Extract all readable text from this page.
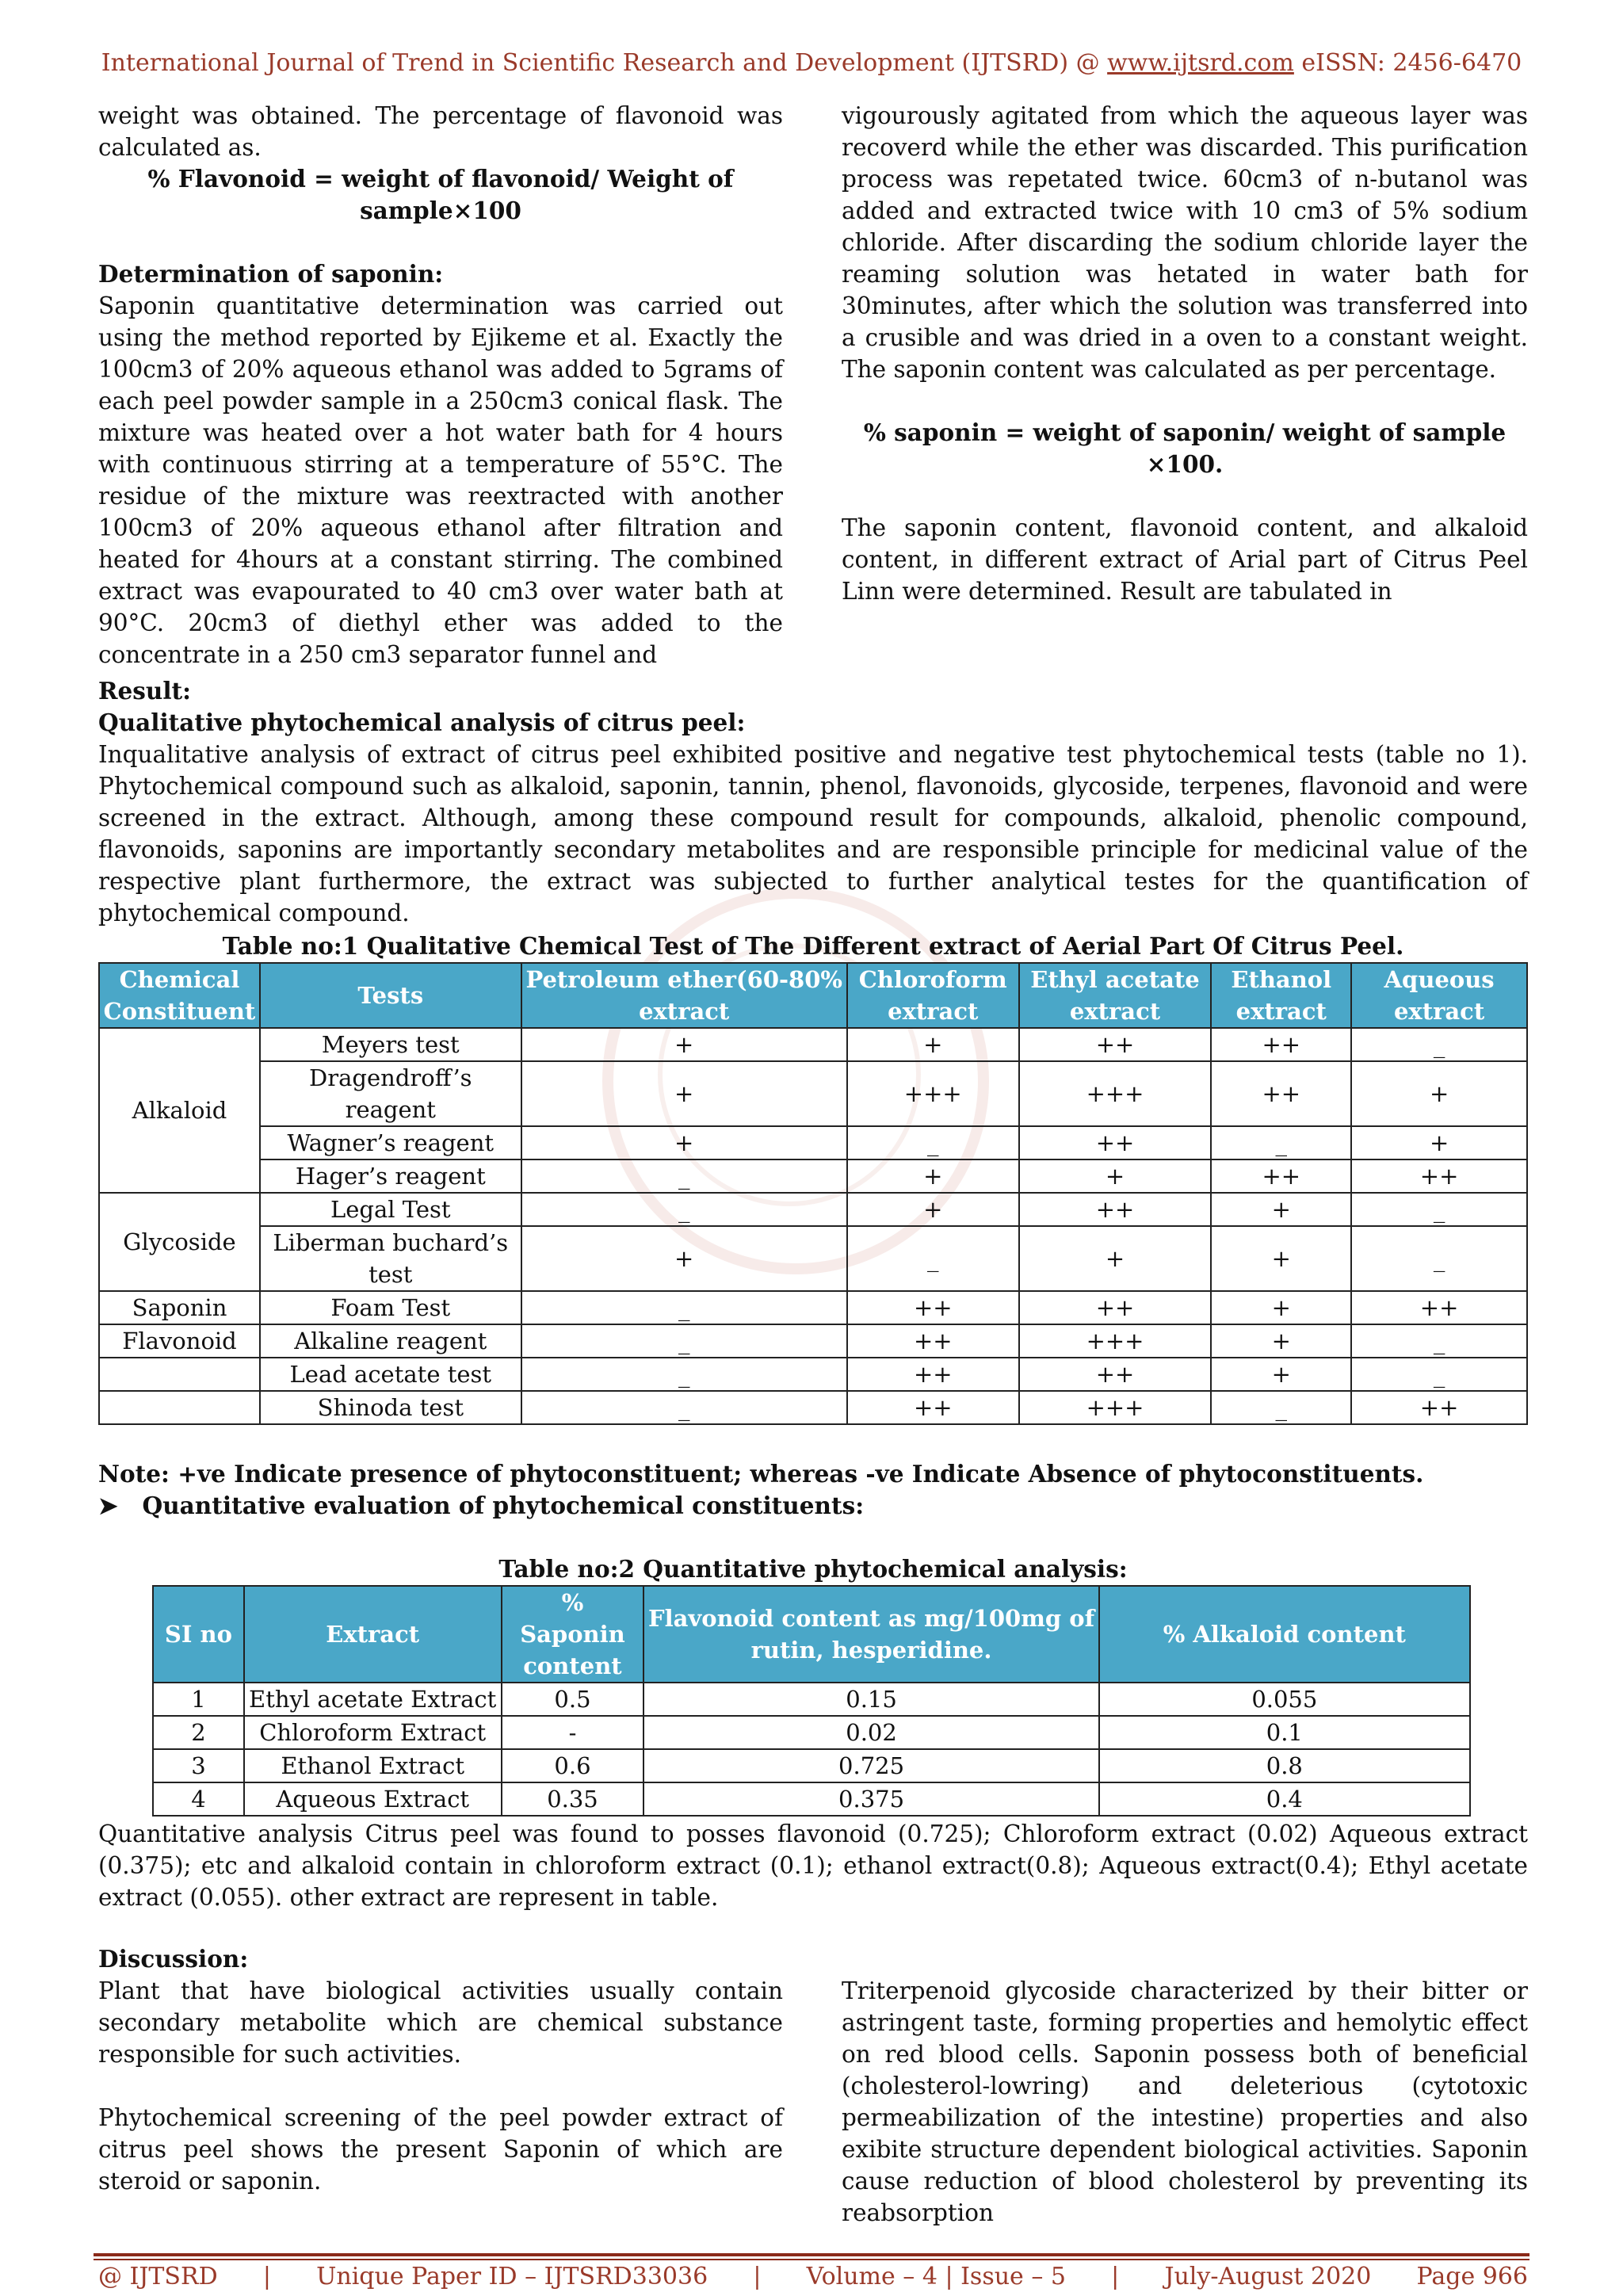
International Journal of Trend in Scientific Research and Development (IJTSRD) @ www.ijtsrd.com eISSN: 2456-6470

weight was obtained. The percentage of flavonoid was calculated as.

% Flavonoid = weight of flavonoid/ Weight of

sample×100

Determination of saponin:

Saponin quantitative determination was carried out using the method reported by Ejikeme et al. Exactly the 100cm3 of 20% aqueous ethanol was added to 5grams of each peel powder sample in a 250cm3 conical flask. The mixture was heated over a hot water bath for 4 hours with continuous stirring at a temperature of 55°C. The residue of the mixture was reextracted with another 100cm3 of 20% aqueous ethanol after filtration and heated for 4hours at a constant stirring. The combined extract was evapourated to 40 cm3 over water bath at 90°C. 20cm3 of diethyl ether was added to the concentrate in a 250 cm3 separator funnel and

vigourously agitated from which the aqueous layer was recoverd while the ether was discarded. This purification process was repetated twice. 60cm3 of n-butanol was added and extracted twice with 10 cm3 of 5% sodium chloride. After discarding the sodium chloride layer the reaming solution was hetated in water bath for 30minutes, after which the solution was transferred into a crusible and was dried in a oven to a constant weight. The saponin content was calculated as per percentage.

% saponin = weight of saponin/ weight of sample

×100.

The saponin content, flavonoid content, and alkaloid content, in different extract of Arial part of Citrus Peel Linn were determined. Result are tabulated in

Result:

Qualitative phytochemical analysis of citrus peel:

Inqualitative analysis of extract of citrus peel exhibited positive and negative test phytochemical tests (table no 1). Phytochemical compound such as alkaloid, saponin, tannin, phenol, flavonoids, glycoside, terpenes, flavonoid and were screened in the extract. Although, among these compound result for compounds, alkaloid, phenolic compound, flavonoids, saponins are importantly secondary metabolites and are responsible principle for medicinal value of the respective plant furthermore, the extract was subjected to further analytical testes for the quantification of phytochemical compound.

Table no:1 Qualitative Chemical Test of The Different extract of Aerial Part Of Citrus Peel.
Chemical Constituent	Tests	Petroleum ether(60-80% extract	Chloroform extract	Ethyl acetate extract	Ethanol extract	Aqueous extract
Alkaloid	Meyers test	+	+	++	++	_
	Dragendroff’s reagent	+	+++	+++	++	+
	Wagner’s reagent	+	_	++	_	+
	Hager’s reagent	_	+	+	++	++
Glycoside	Legal Test	_	+	++	+	_
	Liberman buchard’s test	+	_	+	+	_
Saponin	Foam Test	_	++	++	+	++
Flavonoid	Alkaline reagent	_	++	+++	+	_
	Lead acetate test	_	++	++	+	_
	Shinoda test	_	++	+++	_	++

Note: +ve Indicate presence of phytoconstituent; whereas -ve Indicate Absence of phytoconstituents.

➤ Quantitative evaluation of phytochemical constituents:

Table no:2 Quantitative phytochemical analysis:
SI no	Extract	% Saponin content	Flavonoid content as mg/100mg of rutin, hesperidine.	% Alkaloid content
1	Ethyl acetate Extract	0.5	0.15	0.055
2	Chloroform Extract	-	0.02	0.1
3	Ethanol Extract	0.6	0.725	0.8
4	Aqueous Extract	0.35	0.375	0.4

Quantitative analysis Citrus peel was found to posses flavonoid (0.725); Chloroform extract (0.02) Aqueous extract (0.375); etc and alkaloid contain in chloroform extract (0.1); ethanol extract(0.8); Aqueous extract(0.4); Ethyl acetate extract (0.055). other extract are represent in table.

Discussion:

Plant that have biological activities usually contain secondary metabolite which are chemical substance responsible for such activities.

Phytochemical screening of the peel powder extract of citrus peel shows the present Saponin of which are steroid or saponin.

Triterpenoid glycoside characterized by their bitter or astringent taste, forming properties and hemolytic effect on red blood cells. Saponin possess both of beneficial (cholesterol-lowring) and deleterious (cytotoxic permeabilization of the intestine) properties and also exibite structure dependent biological activities. Saponin cause reduction of blood cholesterol by preventing its reabsorption

@ IJTSRD | Unique Paper ID – IJTSRD33036 | Volume – 4 | Issue – 5 | July-August 2020 Page 966
